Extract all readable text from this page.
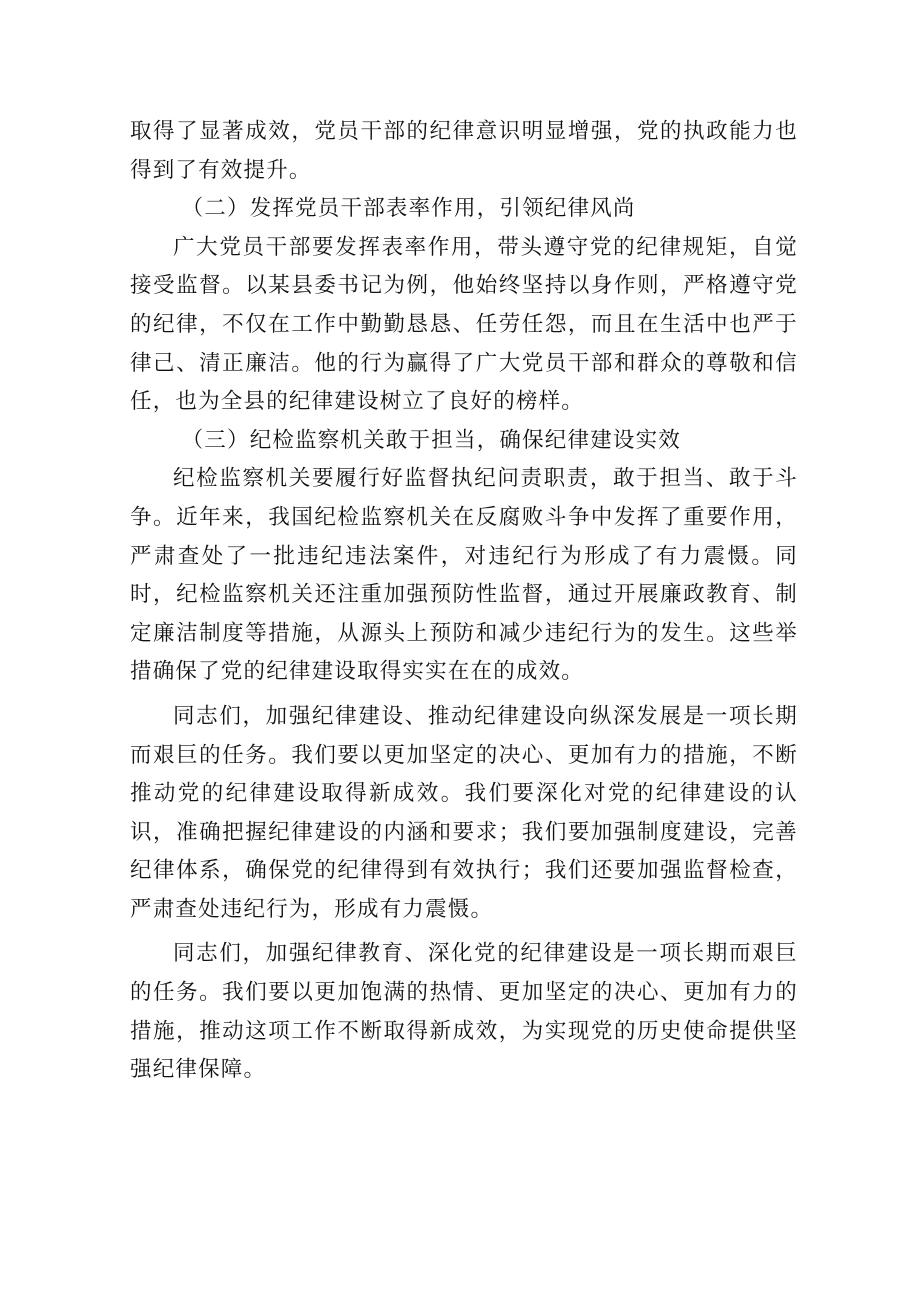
取得了显著成效，党员干部的纪律意识明显增强，党的执政能力也得到了有效提升。

（二）发挥党员干部表率作用，引领纪律风尚

广大党员干部要发挥表率作用，带头遵守党的纪律规矩，自觉接受监督。以某县委书记为例，他始终坚持以身作则，严格遵守党的纪律，不仅在工作中勤勤恳恳、任劳任怨，而且在生活中也严于律己、清正廉洁。他的行为赢得了广大党员干部和群众的尊敬和信任，也为全县的纪律建设树立了良好的榜样。

（三）纪检监察机关敢于担当，确保纪律建设实效

纪检监察机关要履行好监督执纪问责职责，敢于担当、敢于斗争。近年来，我国纪检监察机关在反腐败斗争中发挥了重要作用，严肃查处了一批违纪违法案件，对违纪行为形成了有力震慑。同时，纪检监察机关还注重加强预防性监督，通过开展廉政教育、制定廉洁制度等措施，从源头上预防和减少违纪行为的发生。这些举措确保了党的纪律建设取得实实在在的成效。

同志们，加强纪律建设、推动纪律建设向纵深发展是一项长期而艰巨的任务。我们要以更加坚定的决心、更加有力的措施，不断推动党的纪律建设取得新成效。我们要深化对党的纪律建设的认识，准确把握纪律建设的内涵和要求；我们要加强制度建设，完善纪律体系，确保党的纪律得到有效执行；我们还要加强监督检查，严肃查处违纪行为，形成有力震慑。

同志们，加强纪律教育、深化党的纪律建设是一项长期而艰巨的任务。我们要以更加饱满的热情、更加坚定的决心、更加有力的措施，推动这项工作不断取得新成效，为实现党的历史使命提供坚强纪律保障。
